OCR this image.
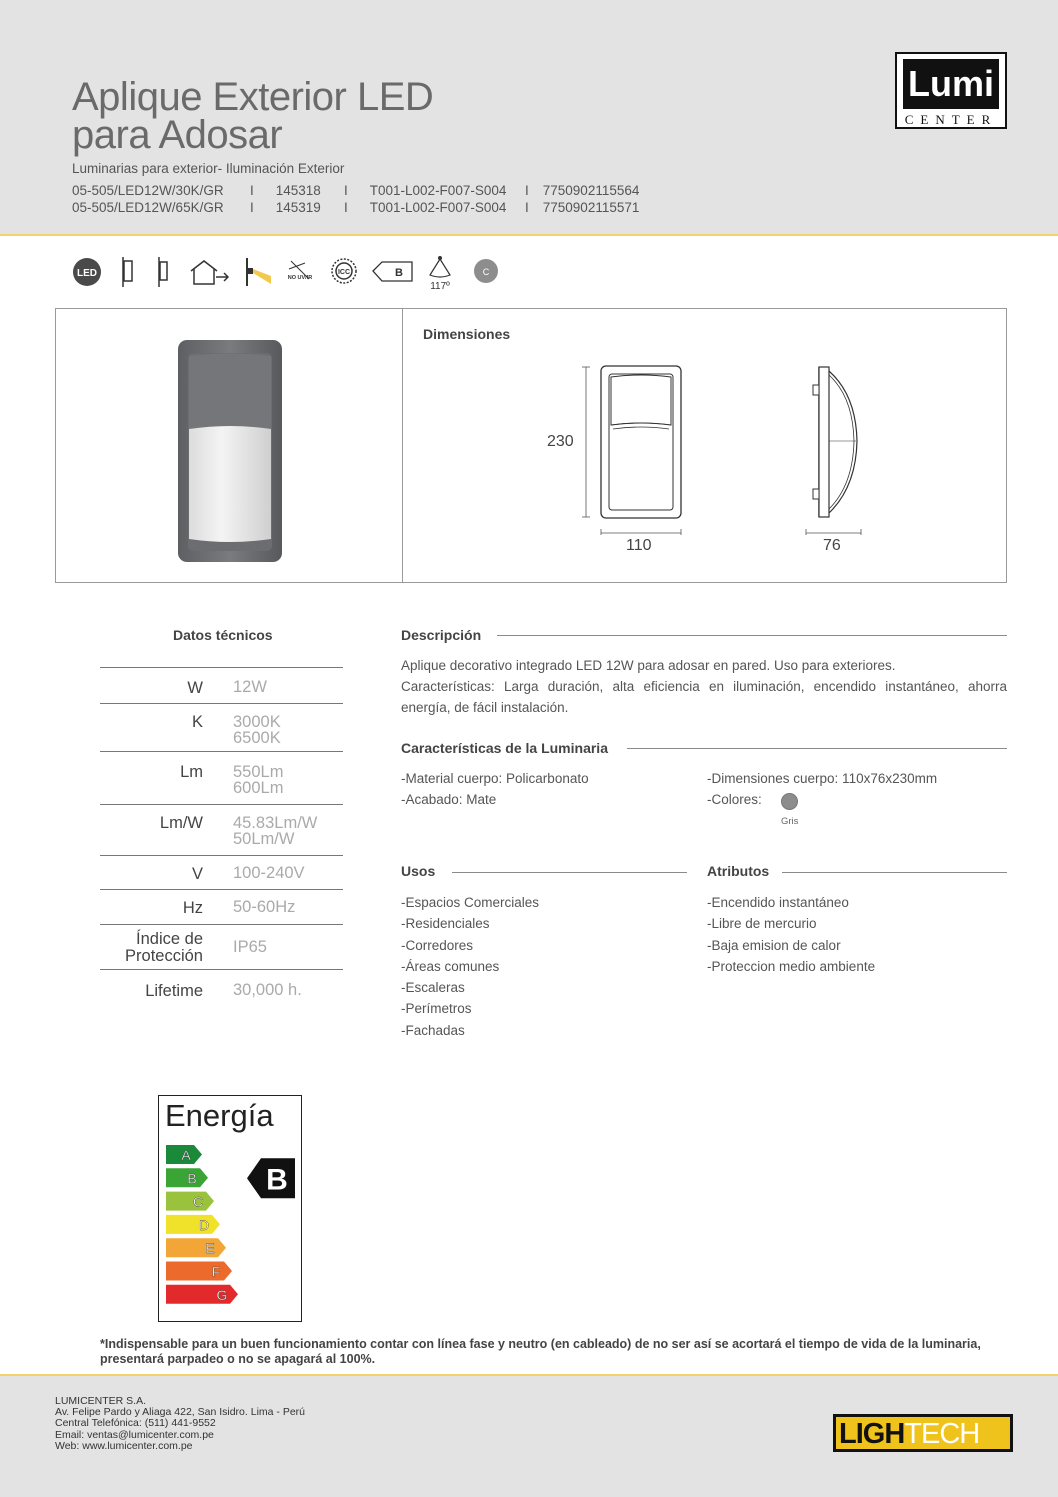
Aplique Exterior LED
para Adosar
Luminarias para exterior- Iluminación Exterior
05-505/LED12W/30K/GR	I 145318	I T001-L002-F007-S004	I 7750902115564
05-505/LED12W/65K/GR	I 145319	I T001-L002-F007-S004	I 7750902115571
Lumi
CENTER
LED	NO UV/IR
ICC	B
117º
C
Dimensiones
230
110	76
Datos técnicos
W 12W
K 3000K
6500K
Lm 550Lm
600Lm
Lm/W 45.83Lm/W
50Lm/W
V 100-240V
Hz 50-60Hz
Índice de
Protección IP65
Lifetime 30,000 h.
Descripción
Aplique decorativo integrado LED 12W para adosar en pared. Uso para exteriores.
Características: Larga duración, alta eficiencia en iluminación, encendido instantáneo, ahorra
energía, de fácil instalación.
Características de la Luminaria
-Material cuerpo: Policarbonato
-Acabado: Mate
-Dimensiones cuerpo: 110x76x230mm
-Colores:
Gris
Usos
-Espacios Comerciales
-Residenciales
-Corredores
-Áreas comunes
-Escaleras
-Perímetros
-Fachadas
Atributos
-Encendido instantáneo
-Libre de mercurio
-Baja emision de calor
-Proteccion medio ambiente
Energía
A
B
C
D
E
F
G
B
*Indispensable para un buen funcionamiento contar con línea fase y neutro (en cableado) de no ser así se acortará el tiempo de vida de la luminaria,
presentará parpadeo o no se apagará al 100%.
LUMICENTER S.A.
Av. Felipe Pardo y Aliaga 422, San Isidro. Lima - Perú
Central Telefónica: (511) 441-9552
Email: ventas@lumicenter.com.pe
Web: www.lumicenter.com.pe	LIGHTECH
